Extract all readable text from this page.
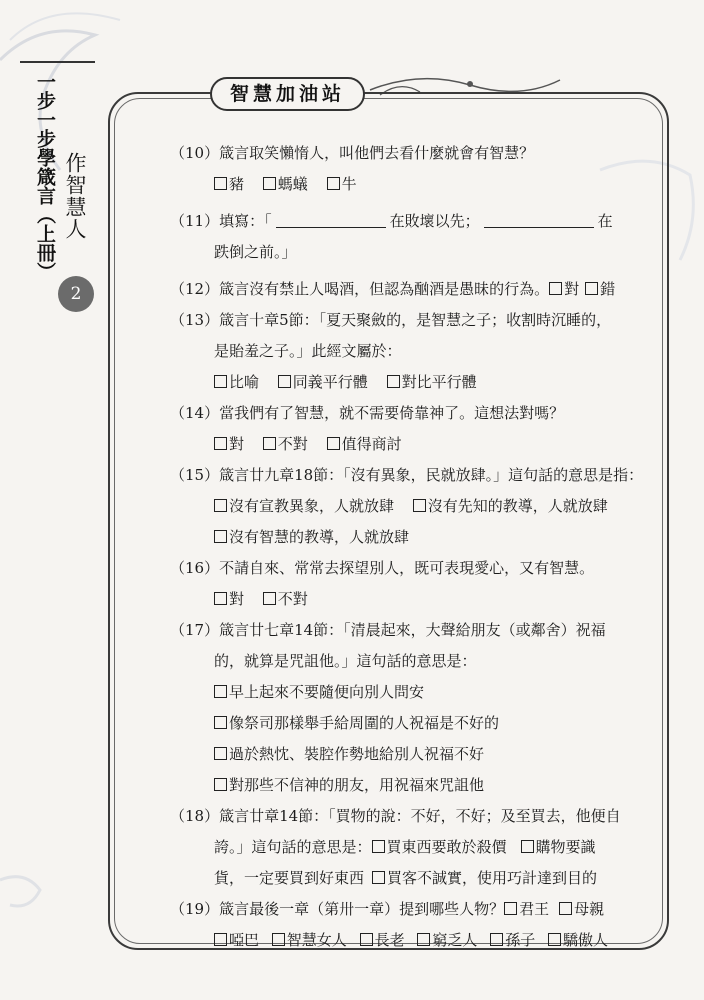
一步一步學箴言（上冊） 作智慧人
2
智慧加油站
（10）箴言取笑懶惰人，叫他們去看什麼就會有智慧？
豬 螞蟻 牛
（11）填寫：「	在敗壞以先；	在
跌倒之前。」
（12）箴言沒有禁止人喝酒，但認為酗酒是愚昧的行為。 對 錯
（13）箴言十章5節：「夏天聚斂的，是智慧之子；收割時沉睡的，
是貽羞之子。」此經文屬於：
比喻 同義平行體 對比平行體
（14）當我們有了智慧，就不需要倚靠神了。這想法對嗎？
對 不對 值得商討
（15）箴言廿九章18節：「沒有異象，民就放肆。」這句話的意思是指：
沒有宣教異象，人就放肆 沒有先知的教導，人就放肆
沒有智慧的教導，人就放肆
（16）不請自來、常常去探望別人，既可表現愛心，又有智慧。
對 不對
（17）箴言廿七章14節：「清晨起來，大聲給朋友（或鄰舍）祝福
的，就算是咒詛他。」這句話的意思是：
早上起來不要隨便向別人問安
像祭司那樣舉手給周圍的人祝福是不好的
過於熱忱、裝腔作勢地給別人祝福不好
對那些不信神的朋友，用祝福來咒詛他
（18）箴言廿章14節：「買物的說：不好，不好；及至買去，他便自
誇。」這句話的意思是： 買東西要敢於殺價 購物要識
貨，一定要買到好東西 買客不誠實，使用巧計達到目的
（19）箴言最後一章（第卅一章）提到哪些人物？ 君王 母親
啞巴 智慧女人 長老 窮乏人 孫子 驕傲人
